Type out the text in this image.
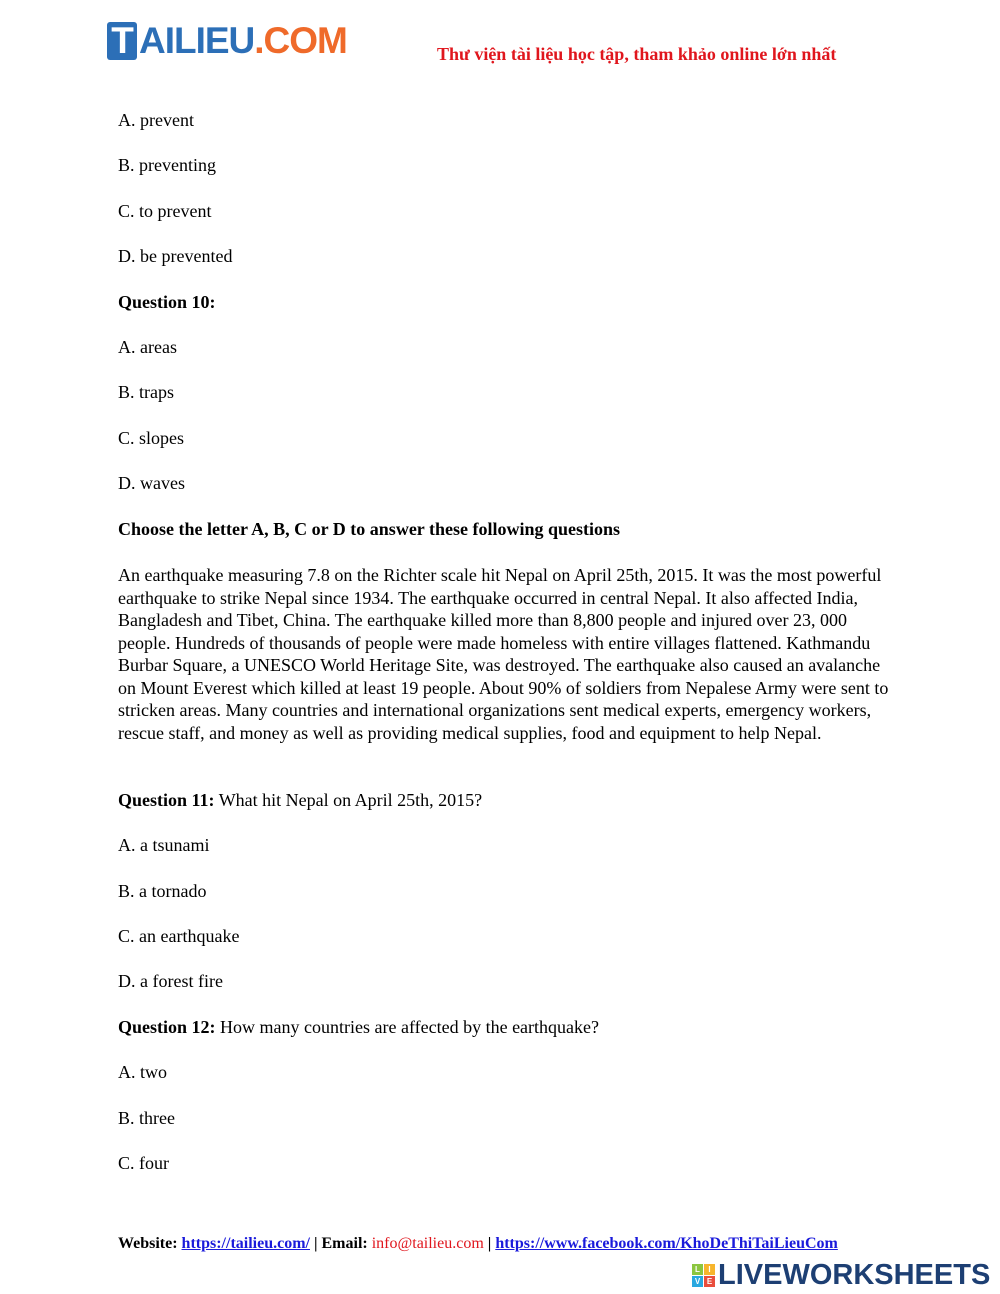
T AILIEU .COM	Thư viện tài liệu học tập, tham khảo online lớn nhất
A. prevent
B. preventing
C. to prevent
D. be prevented
Question 10:
A. areas
B. traps
C. slopes
D. waves
Choose the letter A, B, C or D to answer these following questions
An earthquake measuring 7.8 on the Richter scale hit Nepal on April 25th, 2015. It was the most powerful earthquake to strike Nepal since 1934. The earthquake occurred in central Nepal. It also affected India, Bangladesh and Tibet, China. The earthquake killed more than 8,800 people and injured over 23, 000 people. Hundreds of thousands of people were made homeless with entire villages flattened. Kathmandu Burbar Square, a UNESCO World Heritage Site, was destroyed. The earthquake also caused an avalanche on Mount Everest which killed at least 19 people. About 90% of soldiers from Nepalese Army were sent to stricken areas. Many countries and international organizations sent medical experts, emergency workers, rescue staff, and money as well as providing medical supplies, food and equipment to help Nepal.
Question 11: What hit Nepal on April 25th, 2015?
A. a tsunami
B. a tornado
C. an earthquake
D. a forest fire
Question 12: How many countries are affected by the earthquake?
A. two
B. three
C. four
Website: https://tailieu.com/ | Email: info@tailieu.com | https://www.facebook.com/KhoDeThiTaiLieuCom
L	I
V E LIVEWORKSHEETS
